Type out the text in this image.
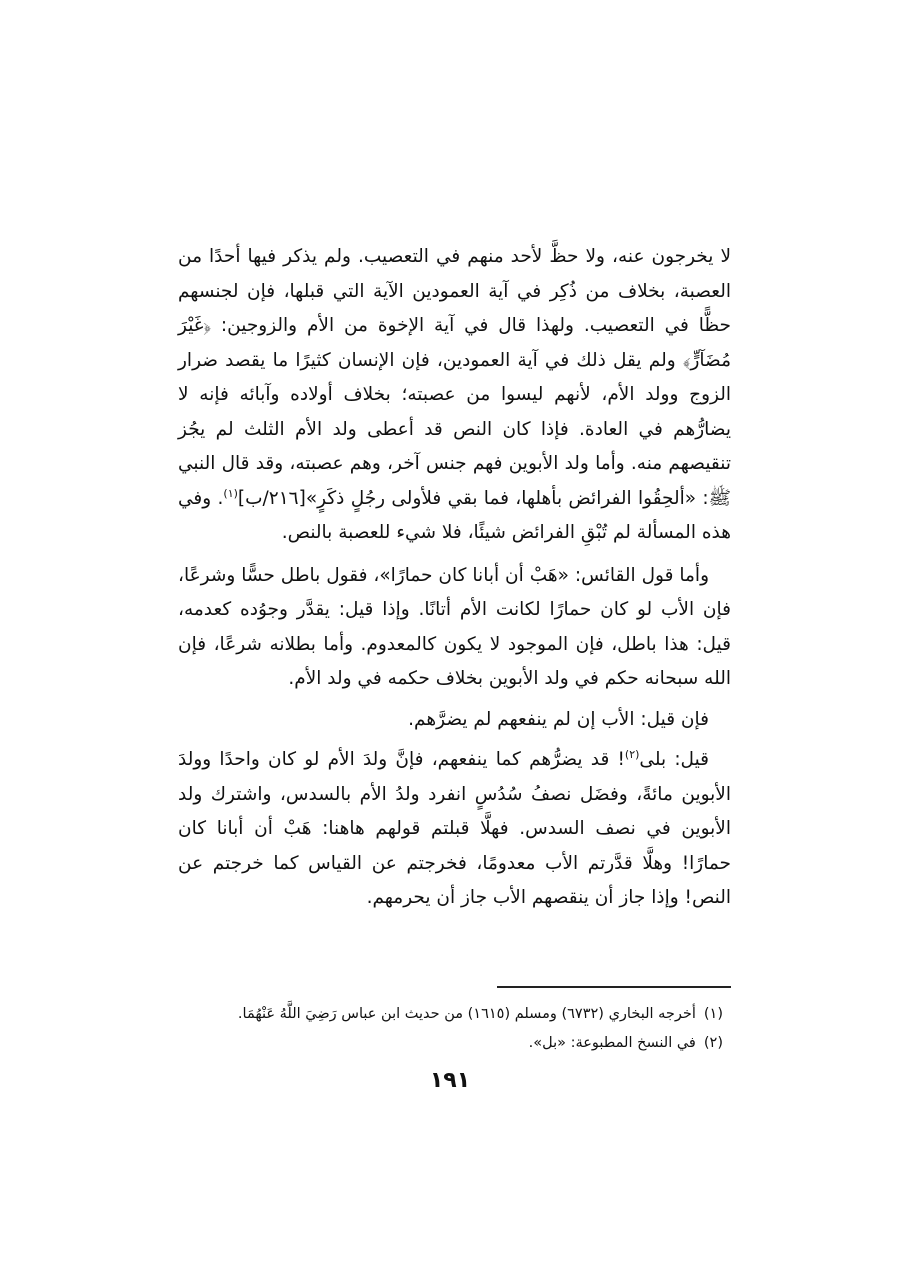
لا يخرجون عنه، ولا حظَّ لأحد منهم في التعصيب. ولم يذكر فيها أحدًا من العصبة، بخلاف من ذُكِر في آية العمودين الآية التي قبلها، فإن لجنسهم حظًّا في التعصيب. ولهذا قال في آية الإخوة من الأم والزوجين: ﴿غَيْرَ مُضَآرٍّ﴾ ولم يقل ذلك في آية العمودين، فإن الإنسان كثيرًا ما يقصد ضرار الزوج وولد الأم، لأنهم ليسوا من عصبته؛ بخلاف أولاده وآبائه فإنه لا يضارُّهم في العادة. فإذا كان النص قد أعطى ولد الأم الثلث لم يجُز تنقيصهم منه. وأما ولد الأبوين فهم جنس آخر، وهم عصبته، وقد قال النبي ﷺ: «ألحِقُوا الفرائض بأهلها، فما بقي فلأولى رجُلٍ ذكَرٍ»[٢١٦/ب]$^{(١)}$. وفي هذه المسألة لم تُبْقِ الفرائض شيئًا، فلا شيء للعصبة بالنص.

وأما قول القائس: «هَبْ أن أبانا كان حمارًا»، فقول باطل حسًّا وشرعًا، فإن الأب لو كان حمارًا لكانت الأم أتانًا. وإذا قيل: يقدَّر وجوُده كعدمه، قيل: هذا باطل، فإن الموجود لا يكون كالمعدوم. وأما بطلانه شرعًا، فإن الله سبحانه حكم في ولد الأبوين بخلاف حكمه في ولد الأم.

فإن قيل: الأب إن لم ينفعهم لم يضرَّهم.

قيل: بلى$^{(٢)}$! قد يضرُّهم كما ينفعهم، فإنَّ ولدَ الأم لو كان واحدًا وولدَ الأبوين مائةً، وفضَل نصفُ سُدُسٍ انفرد ولدُ الأم بالسدس، واشترك ولد الأبوين في نصف السدس. فهلَّا قبلتم قولهم هاهنا: هَبْ أن أبانا كان حمارًا! وهلَّا قدَّرتم الأب معدومًا، فخرجتم عن القياس كما خرجتم عن النص! وإذا جاز أن ينقصهم الأب جاز أن يحرمهم.

(١)أخرجه البخاري (٦٧٣٢) ومسلم (١٦١٥) من حديث ابن عباس رَضِيَ اللَّهُ عَنْهُمَا.
(٢)في النسخ المطبوعة: «بل».
١٩١
